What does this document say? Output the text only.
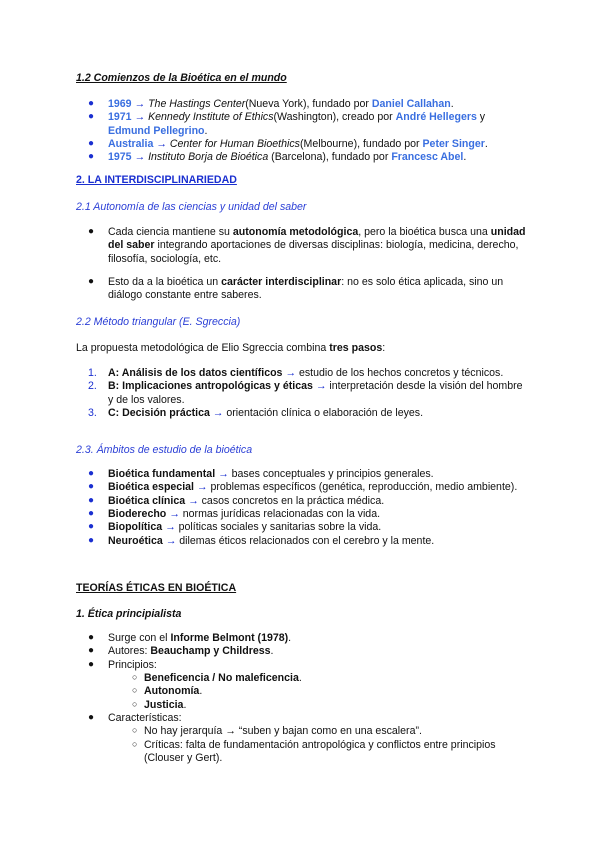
1.2 Comienzos de la Bioética en el mundo
● 1969 → The Hastings Center(Nueva York), fundado por Daniel Callahan.
● 1971 → Kennedy Institute of Ethics(Washington), creado por André Hellegers y Edmund Pellegrino.
● Australia → Center for Human Bioethics(Melbourne), fundado por Peter Singer.
● 1975 → Instituto Borja de Bioética (Barcelona), fundado por Francesc Abel.
2. LA INTERDISCIPLINARIEDAD
2.1 Autonomía de las ciencias y unidad del saber
● Cada ciencia mantiene su autonomía metodológica, pero la bioética busca una unidad del saber integrando aportaciones de diversas disciplinas: biología, medicina, derecho, filosofía, sociología, etc.
● Esto da a la bioética un carácter interdisciplinar: no es solo ética aplicada, sino un diálogo constante entre saberes.
2.2 Método triangular (E. Sgreccia)
La propuesta metodológica de Elio Sgreccia combina tres pasos:
1. A: Análisis de los datos científicos → estudio de los hechos concretos y técnicos.
2. B: Implicaciones antropológicas y éticas → interpretación desde la visión del hombre y de los valores.
3. C: Decisión práctica → orientación clínica o elaboración de leyes.
2.3. Ámbitos de estudio de la bioética
● Bioética fundamental → bases conceptuales y principios generales.
● Bioética especial → problemas específicos (genética, reproducción, medio ambiente).
● Bioética clínica → casos concretos en la práctica médica.
● Bioderecho → normas jurídicas relacionadas con la vida.
● Biopolítica → políticas sociales y sanitarias sobre la vida.
● Neuroética → dilemas éticos relacionados con el cerebro y la mente.
TEORÍAS ÉTICAS EN BIOÉTICA
1. Ética principialista
● Surge con el Informe Belmont (1978).
● Autores: Beauchamp y Childress.
● Principios:
○ Beneficencia / No maleficencia.
○ Autonomía.
○ Justicia.
● Características:
○ No hay jerarquía → “suben y bajan como en una escalera”.
○ Críticas: falta de fundamentación antropológica y conflictos entre principios (Clouser y Gert).
